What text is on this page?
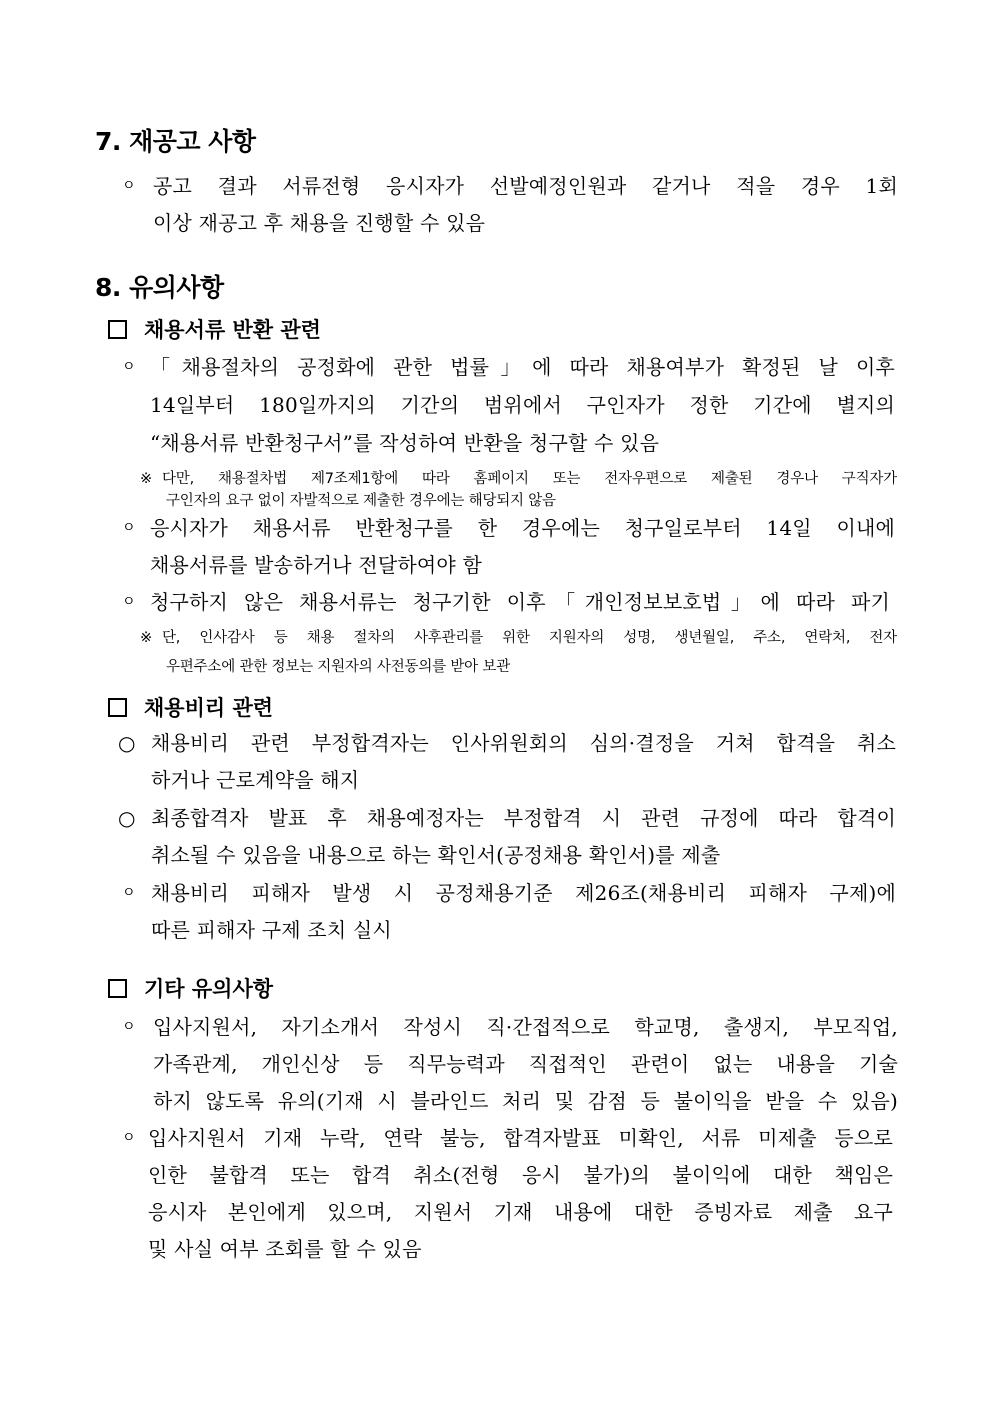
7. 재공고 사항
ㅇ 공고 결과 서류전형 응시자가 선발예정인원과 같거나 적을 경우 1회
이상 재공고 후 채용을 진행할 수 있음
8. 유의사항
채용서류 반환 관련
ㅇ 「채용절차의 공정화에 관한 법률」에 따라 채용여부가 확정된 날 이후
14일부터 180일까지의 기간의 범위에서 구인자가 정한 기간에 별지의
“채용서류 반환청구서”를 작성하여 반환을 청구할 수 있음
※ 다만, 채용절차법 제7조제1항에 따라 홈페이지 또는 전자우편으로 제출된 경우나 구직자가
구인자의 요구 없이 자발적으로 제출한 경우에는 해당되지 않음
ㅇ 응시자가 채용서류 반환청구를 한 경우에는 청구일로부터 14일 이내에
채용서류를 발송하거나 전달하여야 함
ㅇ 청구하지 않은 채용서류는 청구기한 이후「개인정보보호법」에 따라 파기
※ 단, 인사감사 등 채용 절차의 사후관리를 위한 지원자의 성명, 생년월일, 주소, 연락처, 전자
우편주소에 관한 정보는 지원자의 사전동의를 받아 보관
채용비리 관련
○ 채용비리 관련 부정합격자는 인사위원회의 심의·결정을 거쳐 합격을 취소
하거나 근로계약을 해지
○ 최종합격자 발표 후 채용예정자는 부정합격 시 관련 규정에 따라 합격이
취소될 수 있음을 내용으로 하는 확인서(공정채용 확인서)를 제출
ㅇ 채용비리 피해자 발생 시 공정채용기준 제26조(채용비리 피해자 구제)에
따른 피해자 구제 조치 실시
기타 유의사항
ㅇ 입사지원서, 자기소개서 작성시 직·간접적으로 학교명, 출생지, 부모직업,
가족관계, 개인신상 등 직무능력과 직접적인 관련이 없는 내용을 기술
하지 않도록 유의(기재 시 블라인드 처리 및 감점 등 불이익을 받을 수 있음)
ㅇ 입사지원서 기재 누락, 연락 불능, 합격자발표 미확인, 서류 미제출 등으로
인한 불합격 또는 합격 취소(전형 응시 불가)의 불이익에 대한 책임은
응시자 본인에게 있으며, 지원서 기재 내용에 대한 증빙자료 제출 요구
및 사실 여부 조회를 할 수 있음
